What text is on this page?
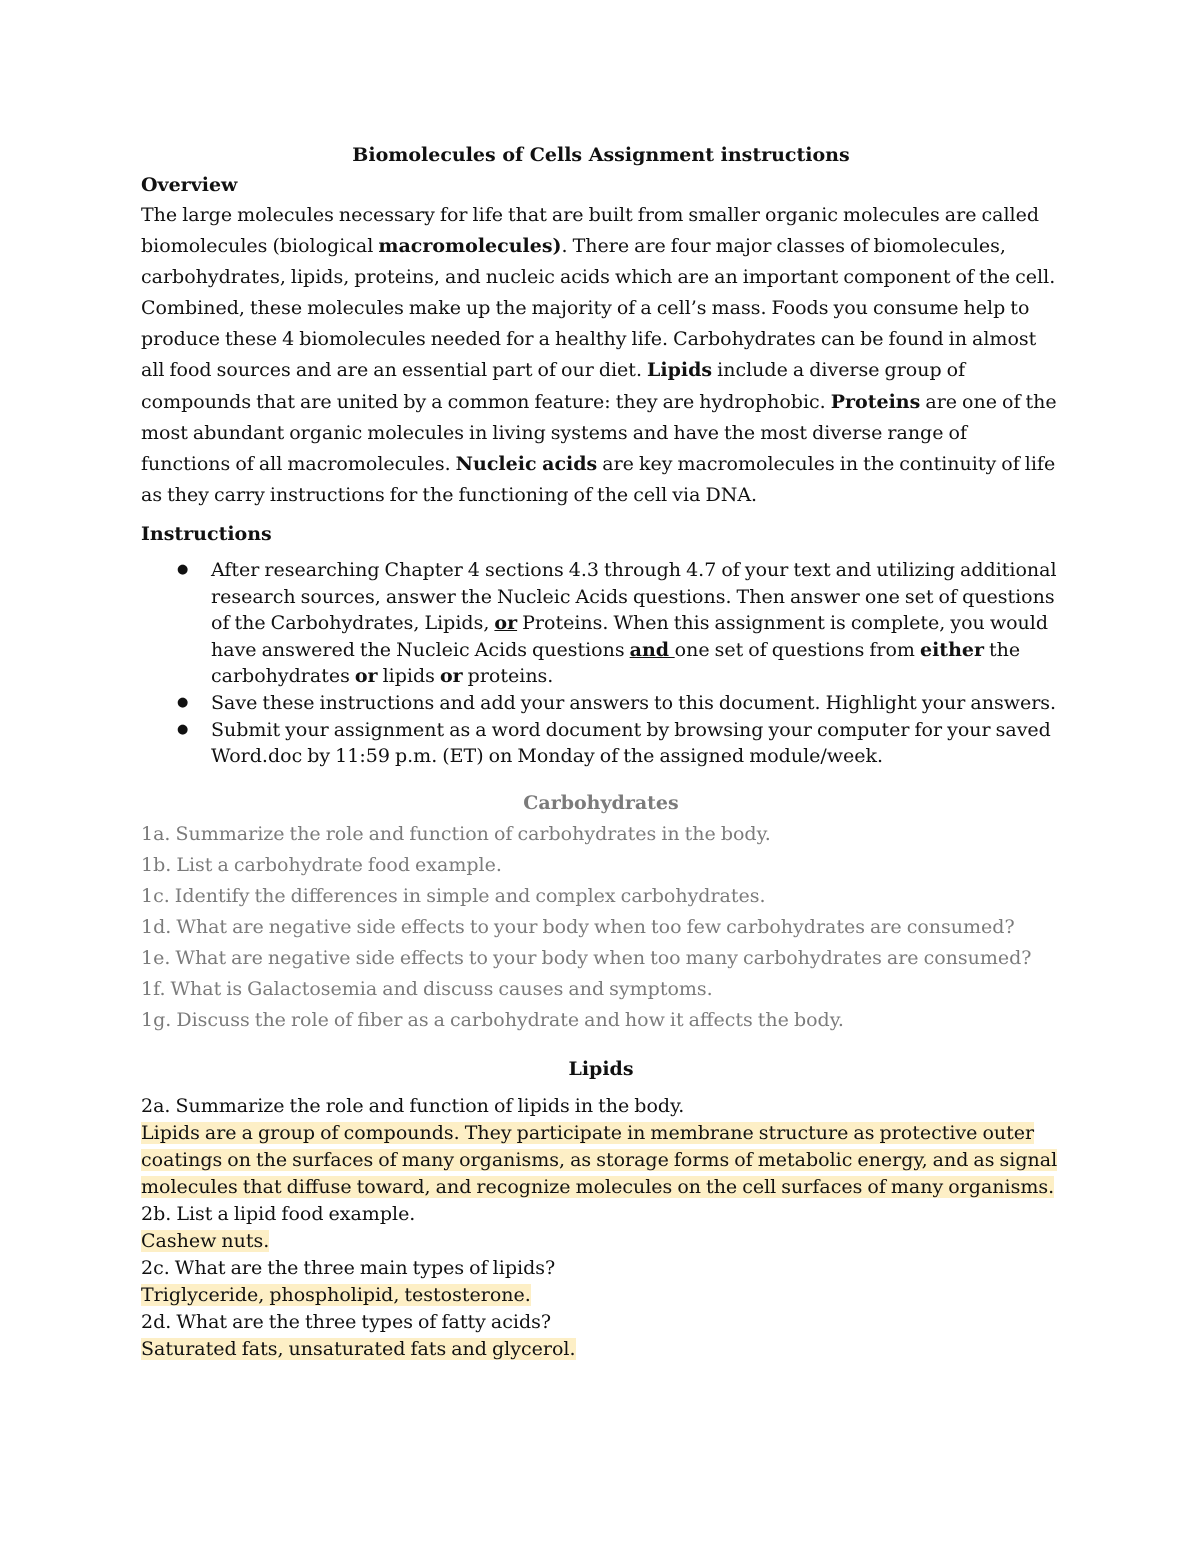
Biomolecules of Cells Assignment instructions

Overview

The large molecules necessary for life that are built from smaller organic molecules are called biomolecules (biological macromolecules). There are four major classes of biomolecules, carbohydrates, lipids, proteins, and nucleic acids which are an important component of the cell. Combined, these molecules make up the majority of a cell’s mass. Foods you consume help to produce these 4 biomolecules needed for a healthy life. Carbohydrates can be found in almost all food sources and are an essential part of our diet. Lipids include a diverse group of compounds that are united by a common feature: they are hydrophobic. Proteins are one of the most abundant organic molecules in living systems and have the most diverse range of functions of all macromolecules. Nucleic acids are key macromolecules in the continuity of life as they carry instructions for the functioning of the cell via DNA.

Instructions

● After researching Chapter 4 sections 4.3 through 4.7 of your text and utilizing additional research sources, answer the Nucleic Acids questions. Then answer one set of questions of the Carbohydrates, Lipids, or Proteins. When this assignment is complete, you would have answered the Nucleic Acids questions and one set of questions from either the carbohydrates or lipids or proteins.
● Save these instructions and add your answers to this document. Highlight your answers.
● Submit your assignment as a word document by browsing your computer for your saved Word.doc by 11:59 p.m. (ET) on Monday of the assigned module/week.

Carbohydrates

1a. Summarize the role and function of carbohydrates in the body.

1b. List a carbohydrate food example.

1c. Identify the differences in simple and complex carbohydrates.

1d. What are negative side effects to your body when too few carbohydrates are consumed?

1e. What are negative side effects to your body when too many carbohydrates are consumed?

1f. What is Galactosemia and discuss causes and symptoms.

1g. Discuss the role of fiber as a carbohydrate and how it affects the body.

Lipids

2a. Summarize the role and function of lipids in the body.

Lipids are a group of compounds. They participate in membrane structure as protective outer coatings on the surfaces of many organisms, as storage forms of metabolic energy, and as signal molecules that diffuse toward, and recognize molecules on the cell surfaces of many organisms.

2b. List a lipid food example.

Cashew nuts.

2c. What are the three main types of lipids?

Triglyceride, phospholipid, testosterone.

2d. What are the three types of fatty acids?

Saturated fats, unsaturated fats and glycerol.
